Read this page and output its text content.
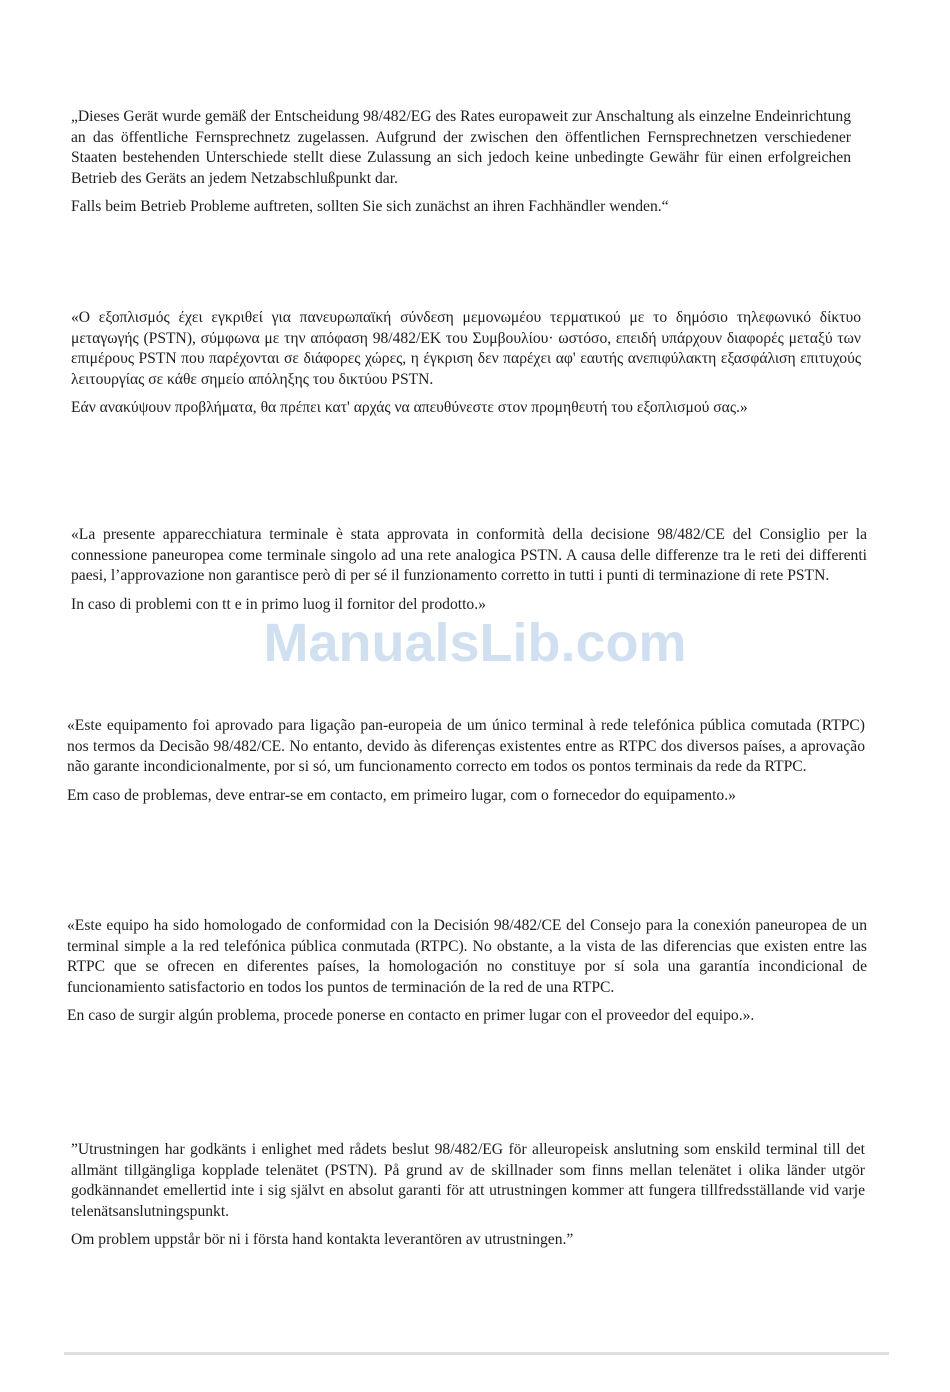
„Dieses Gerät wurde gemäß der Entscheidung 98/482/EG des Rates europaweit zur Anschaltung als einzelne Endeinrichtung an das öffentliche Fernsprechnetz zugelassen. Aufgrund der zwischen den öffentlichen Fernsprechnetzen verschiedener Staaten bestehenden Unterschiede stellt diese Zulassung an sich jedoch keine unbedingte Gewähr für einen erfolgreichen Betrieb des Geräts an jedem Netzabschlußpunkt dar.

Falls beim Betrieb Probleme auftreten, sollten Sie sich zunächst an ihren Fachhändler wenden.“

«Ο εξοπλισμός έχει εγκριθεί για πανευρωπαϊκή σύνδεση μεμονωμέου τερματικού με το δημόσιο τηλεφωνικό δίκτυο μεταγωγής (PSTN), σύμφωνα με την απόφαση 98/482/ΕΚ του Συμβουλίου· ωστόσο, επειδή υπάρχουν διαφορές μεταξύ των επιμέρους PSTN που παρέχονται σε διάφορες χώρες, η έγκριση δεν παρέχει αφ' εαυτής ανεπιφύλακτη εξασφάλιση επιτυχούς λειτουργίας σε κάθε σημείο απόληξης του δικτύου PSTN.

Εάν ανακύψουν προβλήματα, θα πρέπει κατ' αρχάς να απευθύνεστε στον προμηθευτή του εξοπλισμού σας.»

«La presente apparecchiatura terminale è stata approvata in conformità della decisione 98/482/CE del Consiglio per la connessione paneuropea come terminale singolo ad una rete analogica PSTN. A causa delle differenze tra le reti dei differenti paesi, l’approvazione non garantisce però di per sé il funzionamento corretto in tutti i punti di terminazione di rete PSTN.

In caso di problemi con tt e in primo luog il fornitor del prodotto.»

«Este equipamento foi aprovado para ligação pan-europeia de um único terminal à rede telefónica pública comutada (RTPC) nos termos da Decisão 98/482/CE. No entanto, devido às diferenças existentes entre as RTPC dos diversos países, a aprovação não garante incondicionalmente, por si só, um funcionamento correcto em todos os pontos terminais da rede da RTPC.

Em caso de problemas, deve entrar-se em contacto, em primeiro lugar, com o fornecedor do equipamento.»

«Este equipo ha sido homologado de conformidad con la Decisión 98/482/CE del Consejo para la conexión paneuropea de un terminal simple a la red telefónica pública conmutada (RTPC). No obstante, a la vista de las diferencias que existen entre las RTPC que se ofrecen en diferentes países, la homologación no constituye por sí sola una garantía incondicional de funcionamiento satisfactorio en todos los puntos de terminación de la red de una RTPC.

En caso de surgir algún problema, procede ponerse en contacto en primer lugar con el proveedor del equipo.».

”Utrustningen har godkänts i enlighet med rådets beslut 98/482/EG för alleuropeisk anslutning som enskild terminal till det allmänt tillgängliga kopplade telenätet (PSTN). På grund av de skillnader som finns mellan telenätet i olika länder utgör godkännandet emellertid inte i sig självt en absolut garanti för att utrustningen kommer att fungera tillfredsställande vid varje telenätsanslutningspunkt.

Om problem uppstår bör ni i första hand kontakta leverantören av utrustningen.”

ManualsLib.com
